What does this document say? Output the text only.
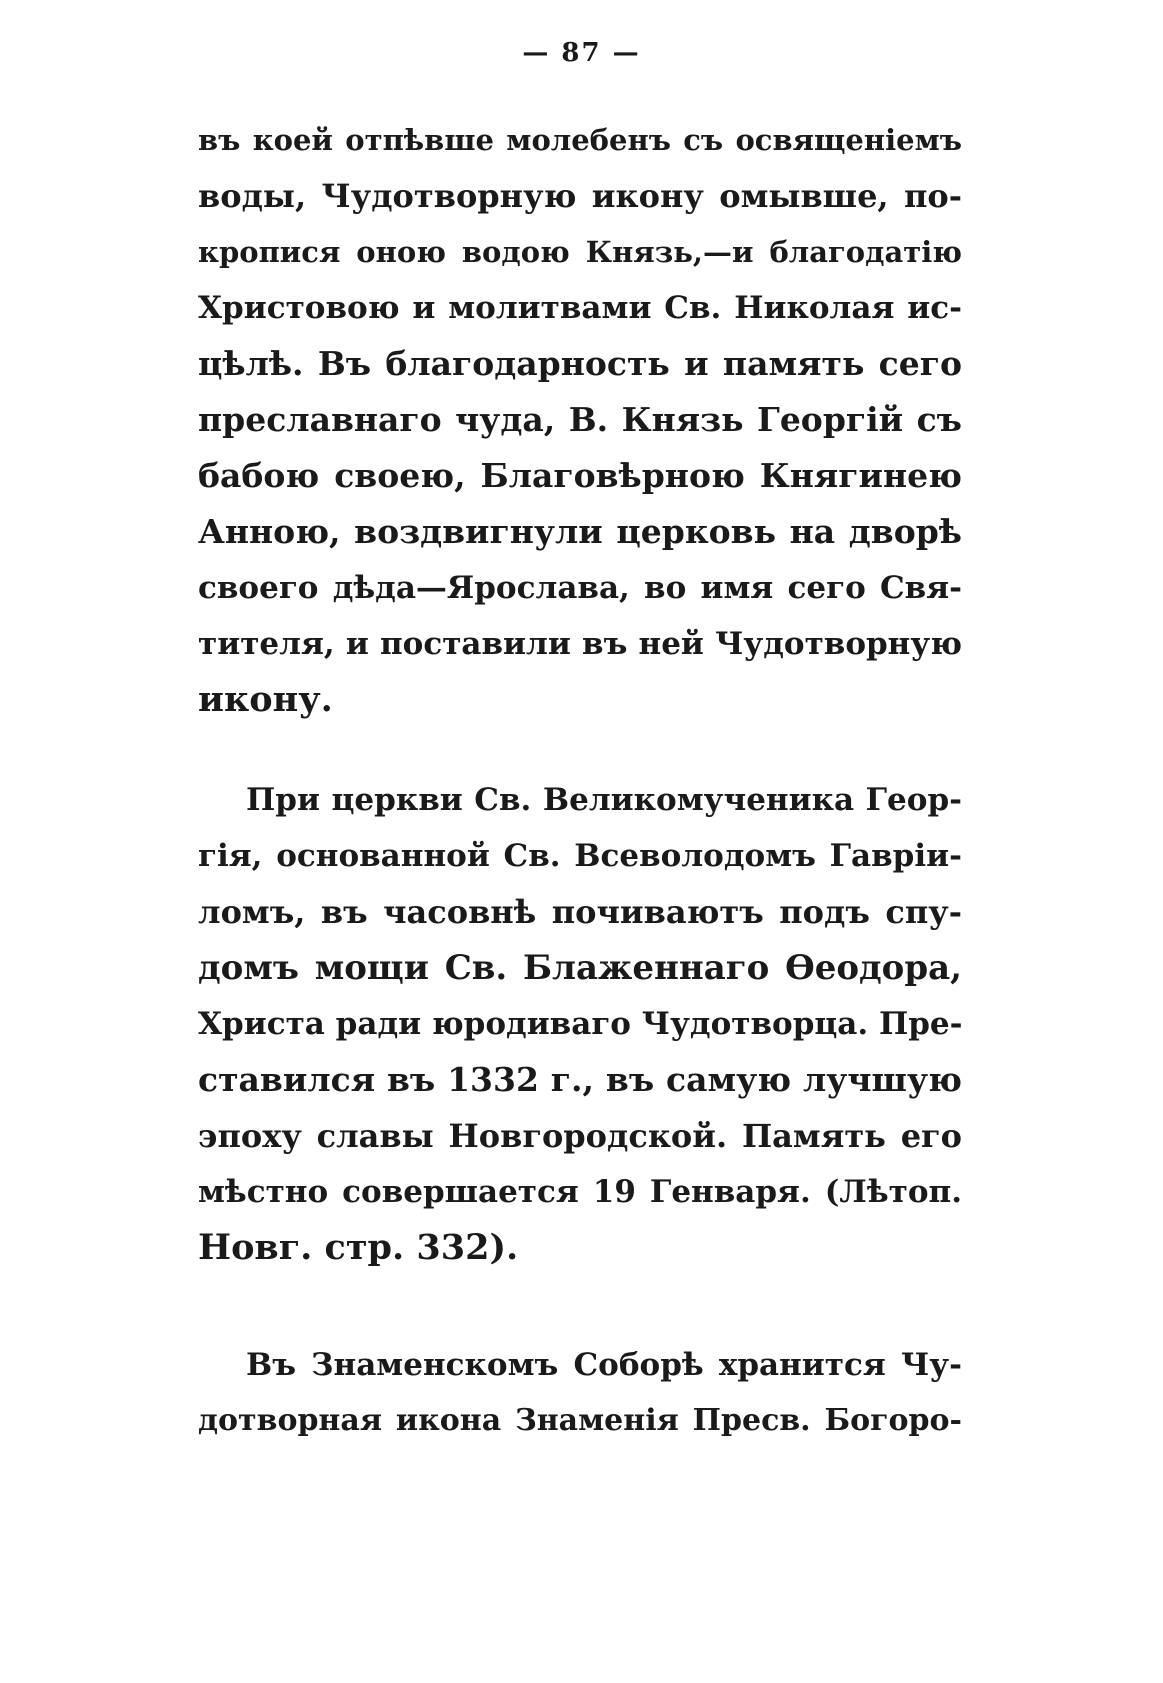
— 87 —
въ коей отпѣвше молебенъ съ освященіемъ
воды, Чудотворную икону омывше, по-
кропися оною водою Князь,—и благодатію
Христовою и молитвами Св. Николая ис-
цѣлѣ. Въ благодарность и память сего
преславнаго чуда, В. Князь Георгій съ
бабою своею, Благовѣрною Княгинею
Анною, воздвигнули церковь на дворѣ
своего дѣда—Ярослава, во имя сего Свя-
тителя, и поставили въ ней Чудотворную
икону.
При церкви Св. Великомученика Геор-
гія, основанной Св. Всеволодомъ Гавріи-
ломъ, въ часовнѣ почиваютъ подъ спу-
домъ мощи Св. Блаженнаго Ѳеодора,
Христа ради юродиваго Чудотворца. Пре-
ставился въ 1332 г., въ самую лучшую
эпоху славы Новгородской. Память его
мѣстно совершается 19 Генваря. (Лѣтоп.
Новг. стр. 332).
Въ Знаменскомъ Соборѣ хранится Чу-
дотворная икона Знаменія Пресв. Богоро-
